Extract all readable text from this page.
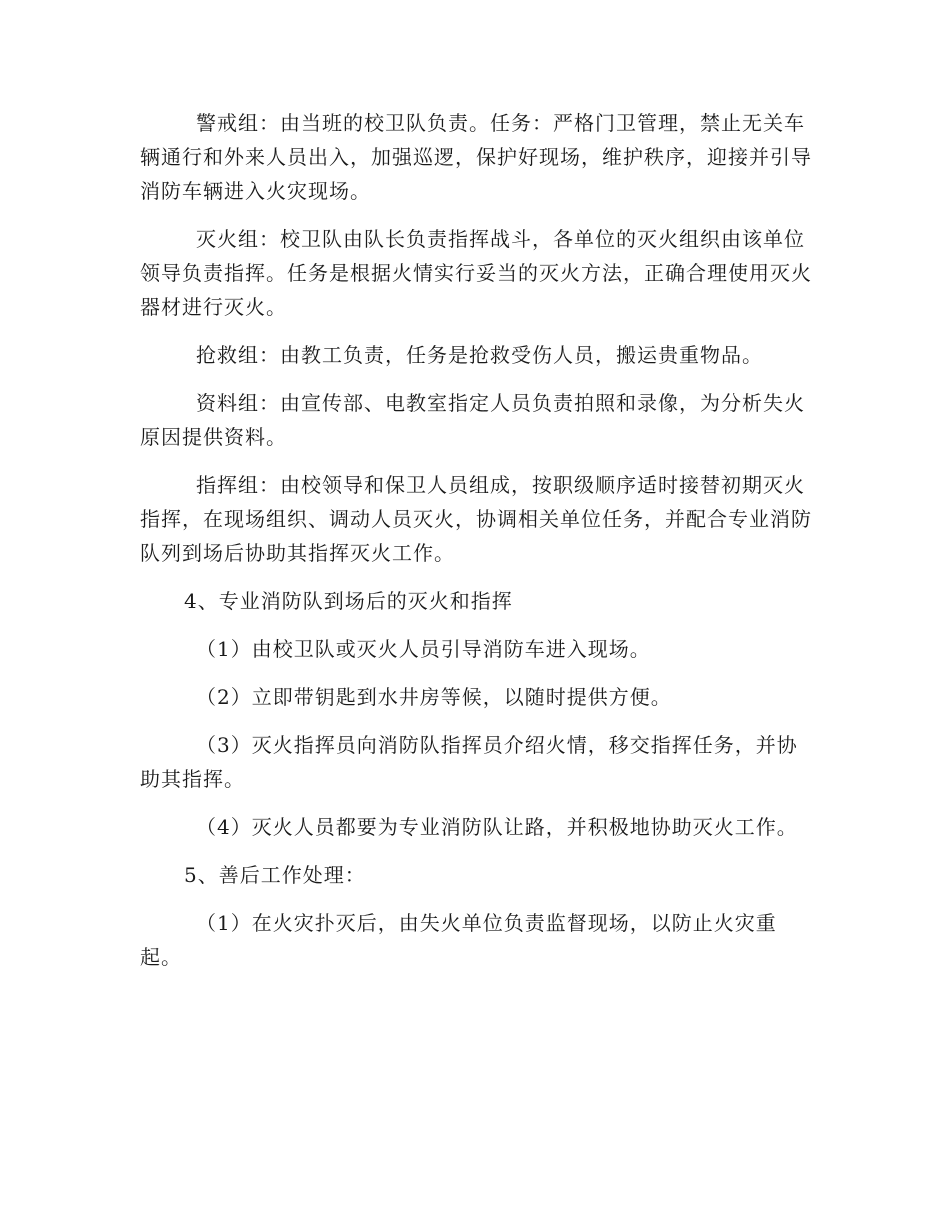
警戒组：由当班的校卫队负责。任务：严格门卫管理，禁止无关车辆通行和外来人员出入，加强巡逻，保护好现场，维护秩序，迎接并引导消防车辆进入火灾现场。

灭火组：校卫队由队长负责指挥战斗，各单位的灭火组织由该单位领导负责指挥。任务是根据火情实行妥当的灭火方法，正确合理使用灭火器材进行灭火。

抢救组：由教工负责，任务是抢救受伤人员，搬运贵重物品。

资料组：由宣传部、电教室指定人员负责拍照和录像，为分析失火原因提供资料。

指挥组：由校领导和保卫人员组成，按职级顺序适时接替初期灭火指挥，在现场组织、调动人员灭火，协调相关单位任务，并配合专业消防队列到场后协助其指挥灭火工作。

4、专业消防队到场后的灭火和指挥

（1）由校卫队或灭火人员引导消防车进入现场。

（2）立即带钥匙到水井房等候，以随时提供方便。

（3）灭火指挥员向消防队指挥员介绍火情，移交指挥任务，并协助其指挥。

（4）灭火人员都要为专业消防队让路，并积极地协助灭火工作。

5、善后工作处理：

（1）在火灾扑灭后，由失火单位负责监督现场，以防止火灾重起。
